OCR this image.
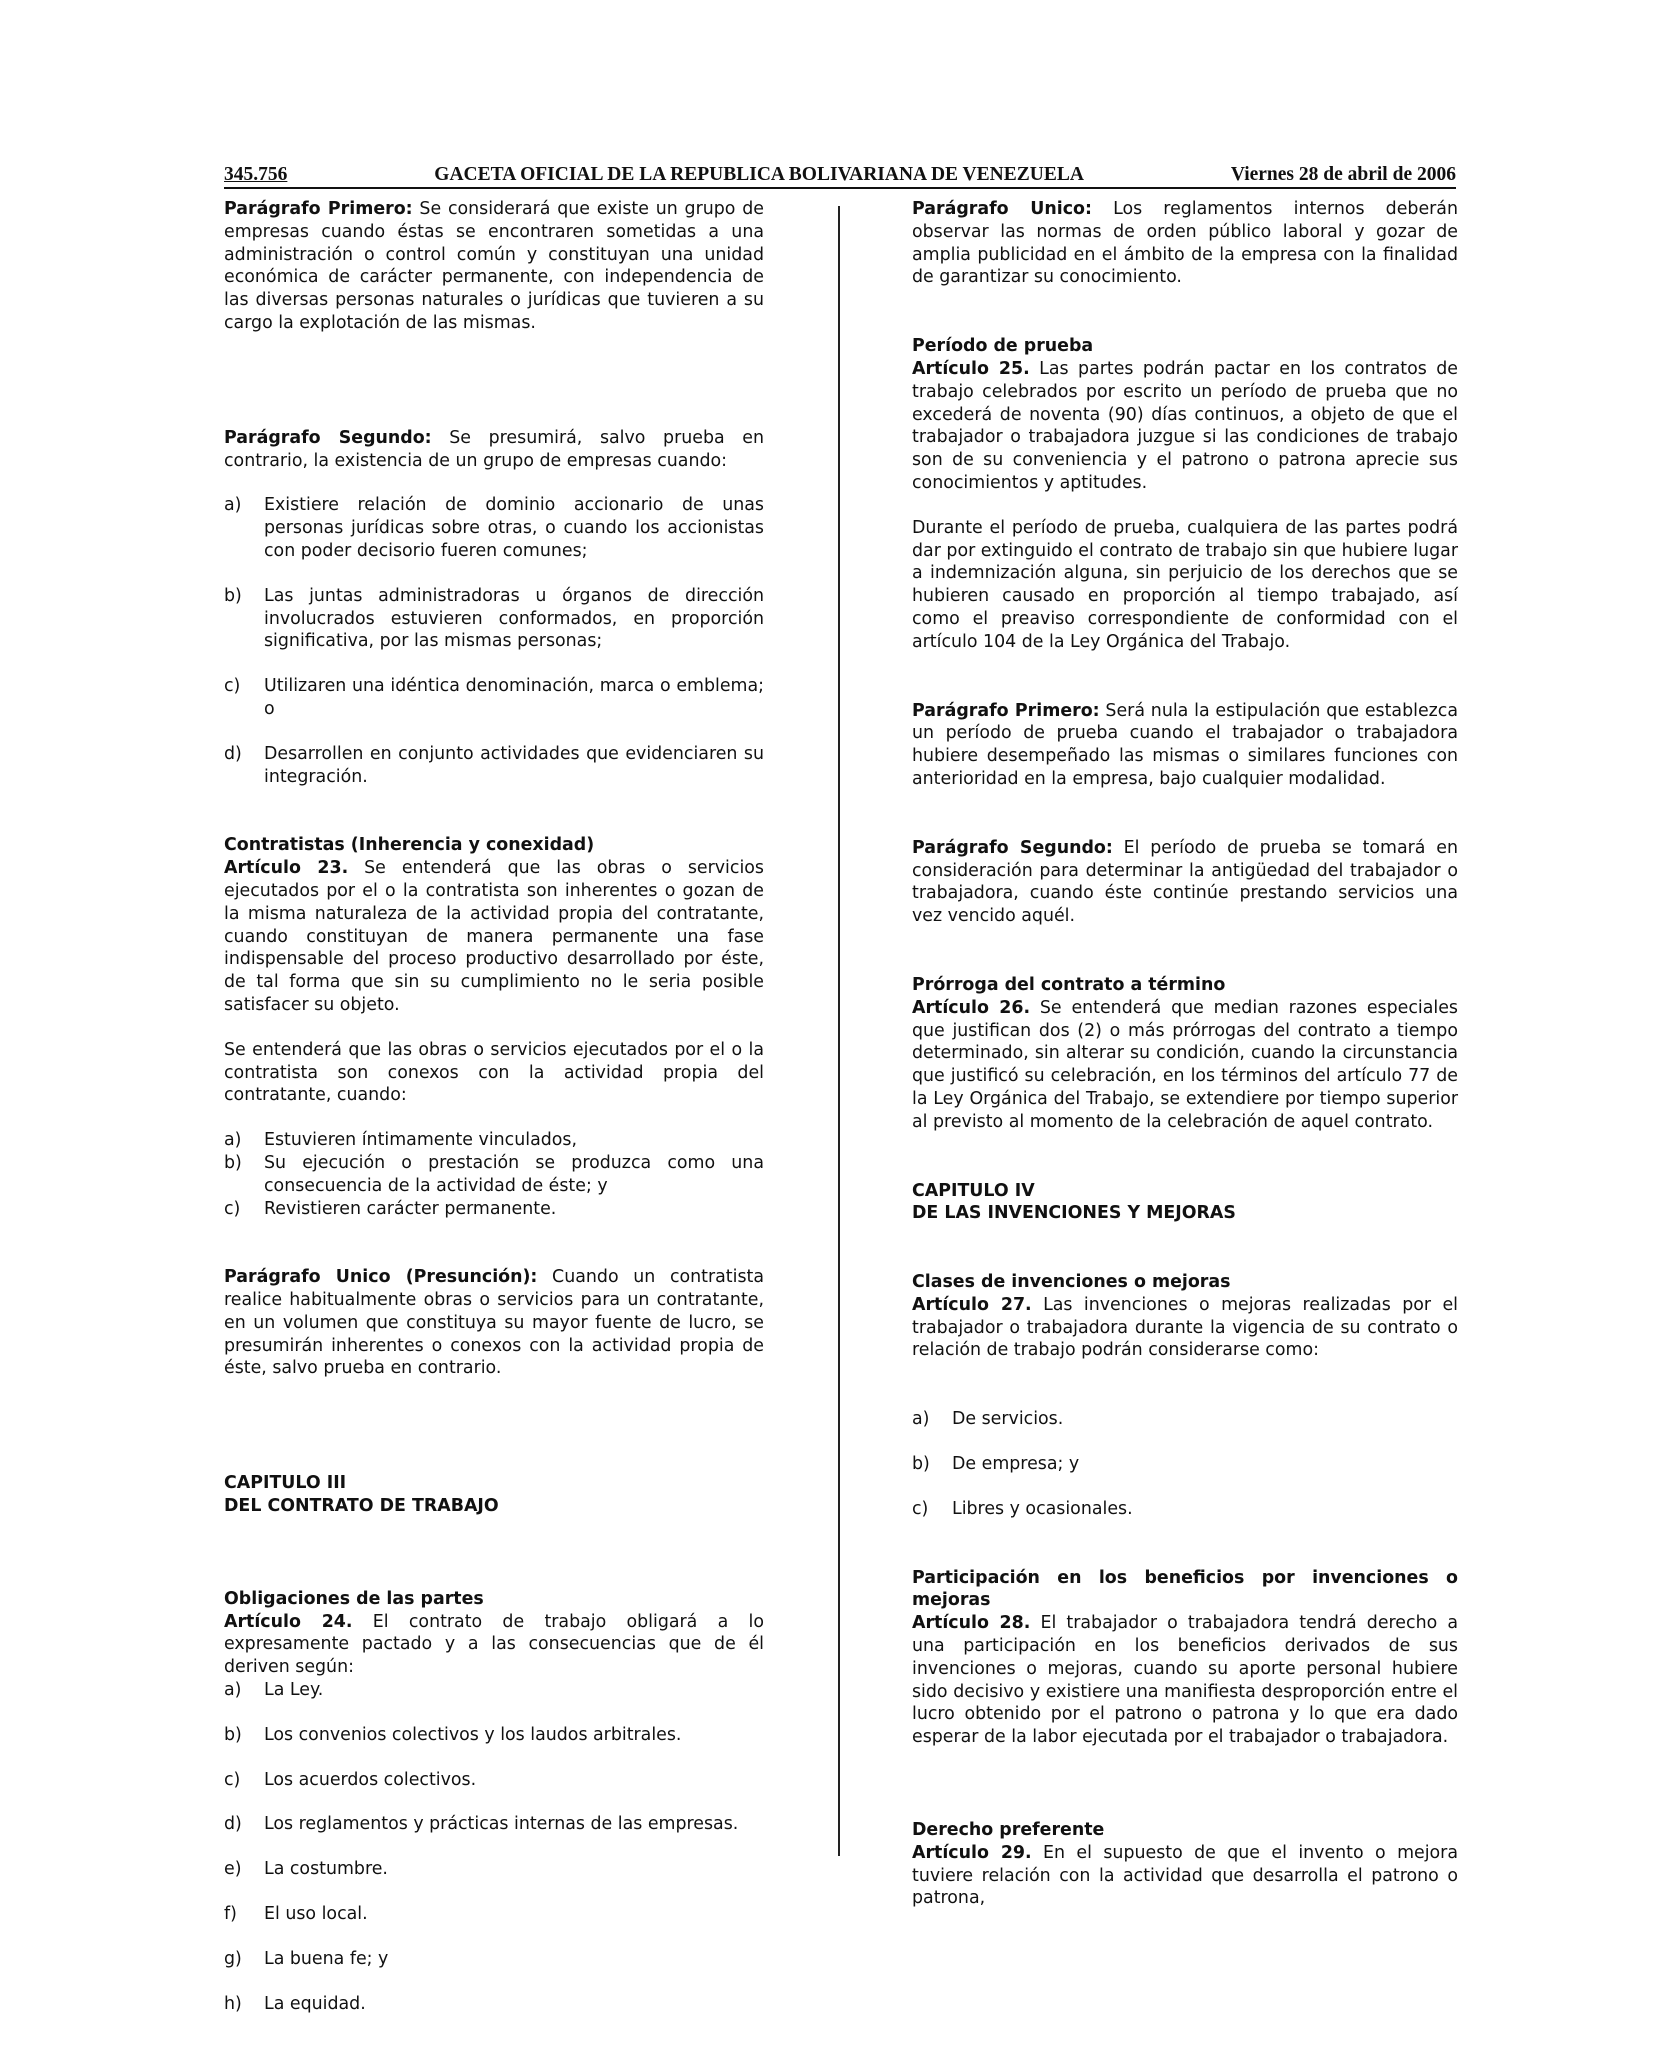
345.756	GACETA OFICIAL DE LA REPUBLICA BOLIVARIANA DE VENEZUELA	Viernes 28 de abril de 2006

Parágrafo Primero: Se considerará que existe un grupo de empresas cuando éstas se encontraren sometidas a una administración o control común y constituyan una unidad económica de carácter permanente, con independencia de las diversas personas naturales o jurídicas que tuvieren a su cargo la explotación de las mismas.

Parágrafo Segundo: Se presumirá, salvo prueba en contrario, la existencia de un grupo de empresas cuando:

a)	Existiere relación de dominio accionario de unas personas jurídicas sobre otras, o cuando los accionistas con poder decisorio fueren comunes;
b)	Las juntas administradoras u órganos de dirección involucrados estuvieren conformados, en proporción significativa, por las mismas personas;
c)	Utilizaren una idéntica denominación, marca o emblema; o
d)	Desarrollen en conjunto actividades que evidenciaren su integración.

Contratistas (Inherencia y conexidad)

Artículo 23. Se entenderá que las obras o servicios ejecutados por el o la contratista son inherentes o gozan de la misma naturaleza de la actividad propia del contratante, cuando constituyan de manera permanente una fase indispensable del proceso productivo desarrollado por éste, de tal forma que sin su cumplimiento no le seria posible satisfacer su objeto.

Se entenderá que las obras o servicios ejecutados por el o la contratista son conexos con la actividad propia del contratante, cuando:

a)	Estuvieren íntimamente vinculados,
b)	Su ejecución o prestación se produzca como una consecuencia de la actividad de éste; y
c)	Revistieren carácter permanente.

Parágrafo Unico (Presunción): Cuando un contratista realice habitualmente obras o servicios para un contratante, en un volumen que constituya su mayor fuente de lucro, se presumirán inherentes o conexos con la actividad propia de éste, salvo prueba en contrario.

CAPITULO III

DEL CONTRATO DE TRABAJO

Obligaciones de las partes

Artículo 24. El contrato de trabajo obligará a lo expresamente pactado y a las consecuencias que de él deriven según:

a)	La Ley.
b)	Los convenios colectivos y los laudos arbitrales.
c)	Los acuerdos colectivos.
d)	Los reglamentos y prácticas internas de las empresas.
e)	La costumbre.
f)	El uso local.
g)	La buena fe; y
h)	La equidad.

Parágrafo Unico: Los reglamentos internos deberán observar las normas de orden público laboral y gozar de amplia publicidad en el ámbito de la empresa con la finalidad de garantizar su conocimiento.

Período de prueba

Artículo 25. Las partes podrán pactar en los contratos de trabajo celebrados por escrito un período de prueba que no excederá de noventa (90) días continuos, a objeto de que el trabajador o trabajadora juzgue si las condiciones de trabajo son de su conveniencia y el patrono o patrona aprecie sus conocimientos y aptitudes.

Durante el período de prueba, cualquiera de las partes podrá dar por extinguido el contrato de trabajo sin que hubiere lugar a indemnización alguna, sin perjuicio de los derechos que se hubieren causado en proporción al tiempo trabajado, así como el preaviso correspondiente de conformidad con el artículo 104 de la Ley Orgánica del Trabajo.

Parágrafo Primero: Será nula la estipulación que establezca un período de prueba cuando el trabajador o trabajadora hubiere desempeñado las mismas o similares funciones con anterioridad en la empresa, bajo cualquier modalidad.

Parágrafo Segundo: El período de prueba se tomará en consideración para determinar la antigüedad del trabajador o trabajadora, cuando éste continúe prestando servicios una vez vencido aquél.

Prórroga del contrato a término

Artículo 26. Se entenderá que median razones especiales que justifican dos (2) o más prórrogas del contrato a tiempo determinado, sin alterar su condición, cuando la circunstancia que justificó su celebración, en los términos del artículo 77 de la Ley Orgánica del Trabajo, se extendiere por tiempo superior al previsto al momento de la celebración de aquel contrato.

CAPITULO IV

DE LAS INVENCIONES Y MEJORAS

Clases de invenciones o mejoras

Artículo 27. Las invenciones o mejoras realizadas por el trabajador o trabajadora durante la vigencia de su contrato o relación de trabajo podrán considerarse como:

a)	De servicios.
b)	De empresa; y
c)	Libres y ocasionales.

Participación en los beneficios por invenciones o mejoras

Artículo 28. El trabajador o trabajadora tendrá derecho a una participación en los beneficios derivados de sus invenciones o mejoras, cuando su aporte personal hubiere sido decisivo y existiere una manifiesta desproporción entre el lucro obtenido por el patrono o patrona y lo que era dado esperar de la labor ejecutada por el trabajador o trabajadora.

Derecho preferente

Artículo 29. En el supuesto de que el invento o mejora tuviere relación con la actividad que desarrolla el patrono o patrona,
